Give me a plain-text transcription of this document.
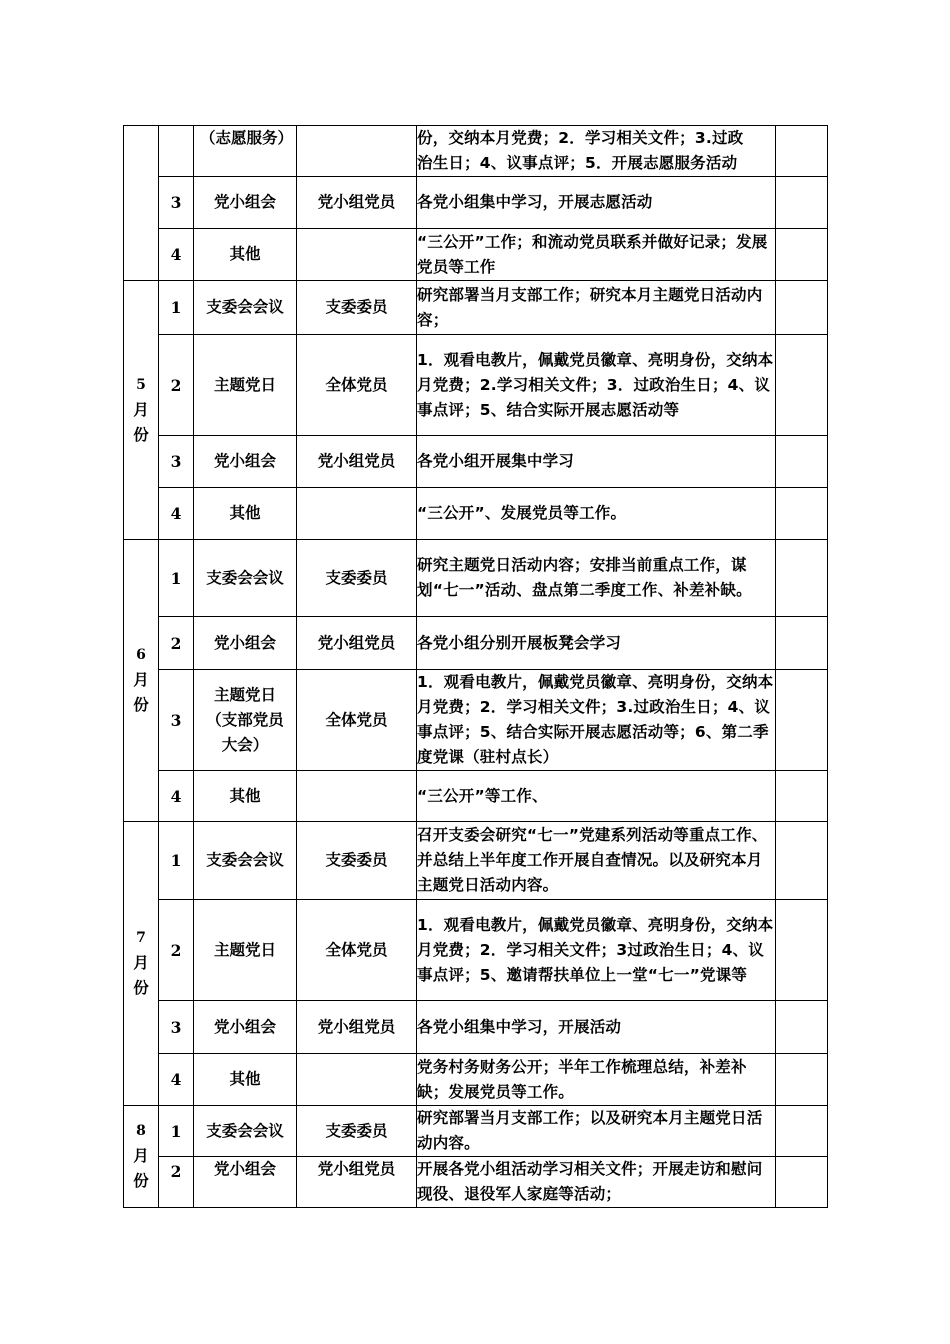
		（志愿服务）		份，交纳本月党费；2．学习相关文件；3.过政
治生日；4、议事点评；5．开展志愿服务活动	

	3	党小组会	党小组党员	各党小组集中学习，开展志愿活动	
	4	其他		“三公开”工作；和流动党员联系并做好记录；发展党员等工作	

5
月
份	1	支委会会议	支委委员	研究部署当月支部工作；研究本月主题党日活动内容；	
	2	主题党日	全体党员	1．观看电教片，佩戴党员徽章、亮明身份，交纳本月党费；2.学习相关文件；3．过政治生日；4、议事点评；5、结合实际开展志愿活动等	
	3	党小组会	党小组党员	各党小组开展集中学习	
	4	其他		“三公开”、发展党员等工作。	

6
月
份	1	支委会会议	支委委员	研究主题党日活动内容；安排当前重点工作，谋划“七一”活动、盘点第二季度工作、补差补缺。	
	2	党小组会	党小组党员	各党小组分别开展板凳会学习	
	3	主题党日
（支部党员
大会）	全体党员	1．观看电教片，佩戴党员徽章、亮明身份，交纳本月党费；2．学习相关文件；3.过政治生日；4、议事点评；5、结合实际开展志愿活动等；6、第二季度党课（驻村点长）	
	4	其他		“三公开”等工作、	

7
月
份	1	支委会会议	支委委员	召开支委会研究“七一”党建系列活动等重点工作、并总结上半年度工作开展自查情况。以及研究本月主题党日活动内容。	
	2	主题党日	全体党员	1．观看电教片，佩戴党员徽章、亮明身份，交纳本月党费；2．学习相关文件；3过政治生日；4、议事点评；5、邀请帮扶单位上一堂“七一”党课等	
	3	党小组会	党小组党员	各党小组集中学习，开展活动	
	4	其他		党务村务财务公开；半年工作梳理总结，补差补缺；发展党员等工作。	

8
月
份	1	支委会会议	支委委员	研究部署当月支部工作；以及研究本月主题党日活动内容。	
	2	党小组会	党小组党员	开展各党小组活动学习相关文件；开展走访和慰问现役、退役军人家庭等活动；	
